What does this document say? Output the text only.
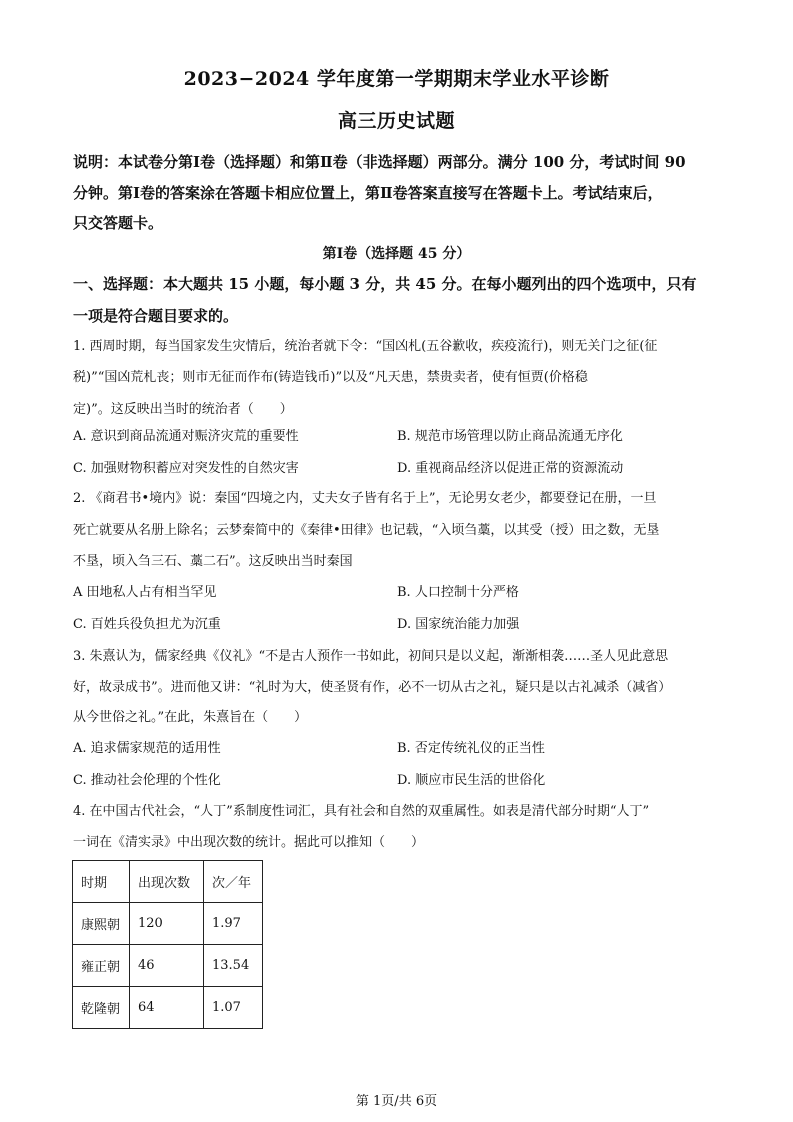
2023−2024 学年度第一学期期末学业水平诊断
高三历史试题
说明：本试卷分第Ⅰ卷（选择题）和第Ⅱ卷（非选择题）两部分。满分 100 分，考试时间 90
分钟。第Ⅰ卷的答案涂在答题卡相应位置上，第Ⅱ卷答案直接写在答题卡上。考试结束后，
只交答题卡。
第Ⅰ卷（选择题 45 分）
一、选择题：本大题共 15 小题，每小题 3 分，共 45 分。在每小题列出的四个选项中，只有
一项是符合题目要求的。
1. 西周时期，每当国家发生灾情后，统治者就下令：“国凶札(五谷歉收，疾疫流行)，则无关门之征(征
税)”“国凶荒札丧；则市无征而作布(铸造钱币)”以及“凡天患，禁贵卖者，使有恒贾(价格稳
定)”。这反映出当时的统治者（　　）
A. 意识到商品流通对赈济灾荒的重要性	B. 规范市场管理以防止商品流通无序化
C. 加强财物积蓄应对突发性的自然灾害	D. 重视商品经济以促进正常的资源流动
2. 《商君书•境内》说：秦国“四境之内，丈夫女子皆有名于上”，无论男女老少，都要登记在册，一旦
死亡就要从名册上除名；云梦秦简中的《秦律•田律》也记载，“入顷刍藁，以其受（授）田之数，无垦
不垦，顷入刍三石、藁二石”。这反映出当时秦国
A 田地私人占有相当罕见	B. 人口控制十分严格
C. 百姓兵役负担尤为沉重	D. 国家统治能力加强
3. 朱熹认为，儒家经典《仪礼》“不是古人预作一书如此，初间只是以义起，渐渐相袭……圣人见此意思
好，故录成书”。进而他又讲：“礼时为大，使圣贤有作，必不一切从古之礼，疑只是以古礼减杀（减省）
从今世俗之礼。”在此，朱熹旨在（　　）
A. 追求儒家规范的适用性	B. 否定传统礼仪的正当性
C. 推动社会伦理的个性化	D. 顺应市民生活的世俗化
4. 在中国古代社会，“人丁”系制度性词汇，具有社会和自然的双重属性。如表是清代部分时期“人丁”
一词在《清实录》中出现次数的统计。据此可以推知（　　）
时期	出现次数	次／年
康熙朝	120	1.97
雍正朝	46	13.54
乾隆朝	64	1.07
第 1页/共 6页
